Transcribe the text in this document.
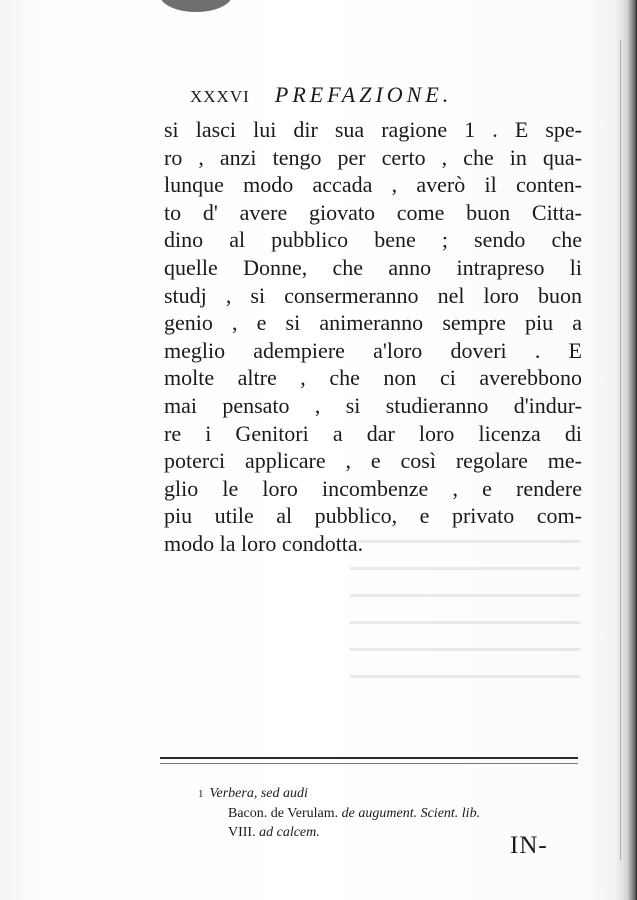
XXXVI PREFAZIONE.
si lasci lui dir sua ragione 1 . E spe-
ro , anzi tengo per certo , che in qua-
lunque modo accada , averò il conten-
to d' avere giovato come buon Citta-
dino al pubblico bene ; sendo che
quelle Donne, che anno intrapreso li
studj , si consermeranno nel loro buon
genio , e si animeranno sempre piu a
meglio adempiere a'loro doveri . E
molte altre , che non ci averebbono
mai pensato , si studieranno d'indur-
re i Genitori a dar loro licenza di
poterci applicare , e così regolare me-
glio le loro incombenze , e rendere
piu utile al pubblico, e privato com-
modo la loro condotta.
1 Verbera, sed audi
Bacon. de Verulam. de augument. Scient. lib.
VIII. ad calcem.	IN-
